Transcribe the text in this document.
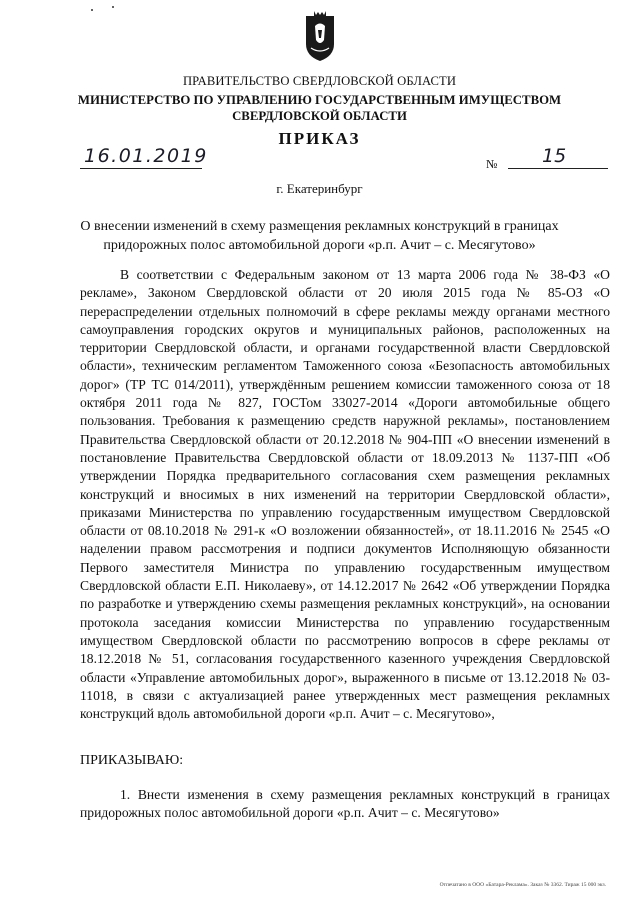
ПРАВИТЕЛЬСТВО СВЕРДЛОВСКОЙ ОБЛАСТИ
МИНИСТЕРСТВО ПО УПРАВЛЕНИЮ ГОСУДАРСТВЕННЫМ ИМУЩЕСТВОМ
СВЕРДЛОВСКОЙ ОБЛАСТИ
ПРИКАЗ
16.01.2019	№ 15
г. Екатеринбург
О внесении изменений в схему размещения рекламных конструкций в границах
придорожных полос автомобильной дороги «р.п. Ачит – с. Месягутово»

В соответствии с Федеральным законом от 13 марта 2006 года № 38-ФЗ «О рекламе», Законом Свердловской области от 20 июля 2015 года № 85-ОЗ «О перераспределении отдельных полномочий в сфере рекламы между органами местного самоуправления городских округов и муниципальных районов, расположенных на территории Свердловской области, и органами государственной власти Свердловской области», техническим регламентом Таможенного союза «Безопасность автомобильных дорог» (ТР ТС 014/2011), утверждённым решением комиссии таможенного союза от 18 октября 2011 года № 827, ГОСТом 33027-2014 «Дороги автомобильные общего пользования. Требования к размещению средств наружной рекламы», постановлением Правительства Свердловской области от 20.12.2018 № 904-ПП «О внесении изменений в постановление Правительства Свердловской области от 18.09.2013 № 1137-ПП «Об утверждении Порядка предварительного согласования схем размещения рекламных конструкций и вносимых в них изменений на территории Свердловской области», приказами Министерства по управлению государственным имуществом Свердловской области от 08.10.2018 № 291-к «О возложении обязанностей», от 18.11.2016 № 2545 «О наделении правом рассмотрения и подписи документов Исполняющую обязанности Первого заместителя Министра по управлению государственным имуществом Свердловской области Е.П. Николаеву», от 14.12.2017 № 2642 «Об утверждении Порядка по разработке и утверждению схемы размещения рекламных конструкций», на основании протокола заседания комиссии Министерства по управлению государственным имуществом Свердловской области по рассмотрению вопросов в сфере рекламы от 18.12.2018 № 51, согласования государственного казенного учреждения Свердловской области «Управление автомобильных дорог», выраженного в письме от 13.12.2018 № 03-11018, в связи с актуализацией ранее утвержденных мест размещения рекламных конструкций вдоль автомобильной дороги «р.п. Ачит – с. Месягутово»,

ПРИКАЗЫВАЮ:

1. Внести изменения в схему размещения рекламных конструкций в границах придорожных полос автомобильной дороги «р.п. Ачит – с. Месягутово»

Отпечатано в ООО «Батара-Реклама». Заказ № 3362. Тираж 15 000 экз.
